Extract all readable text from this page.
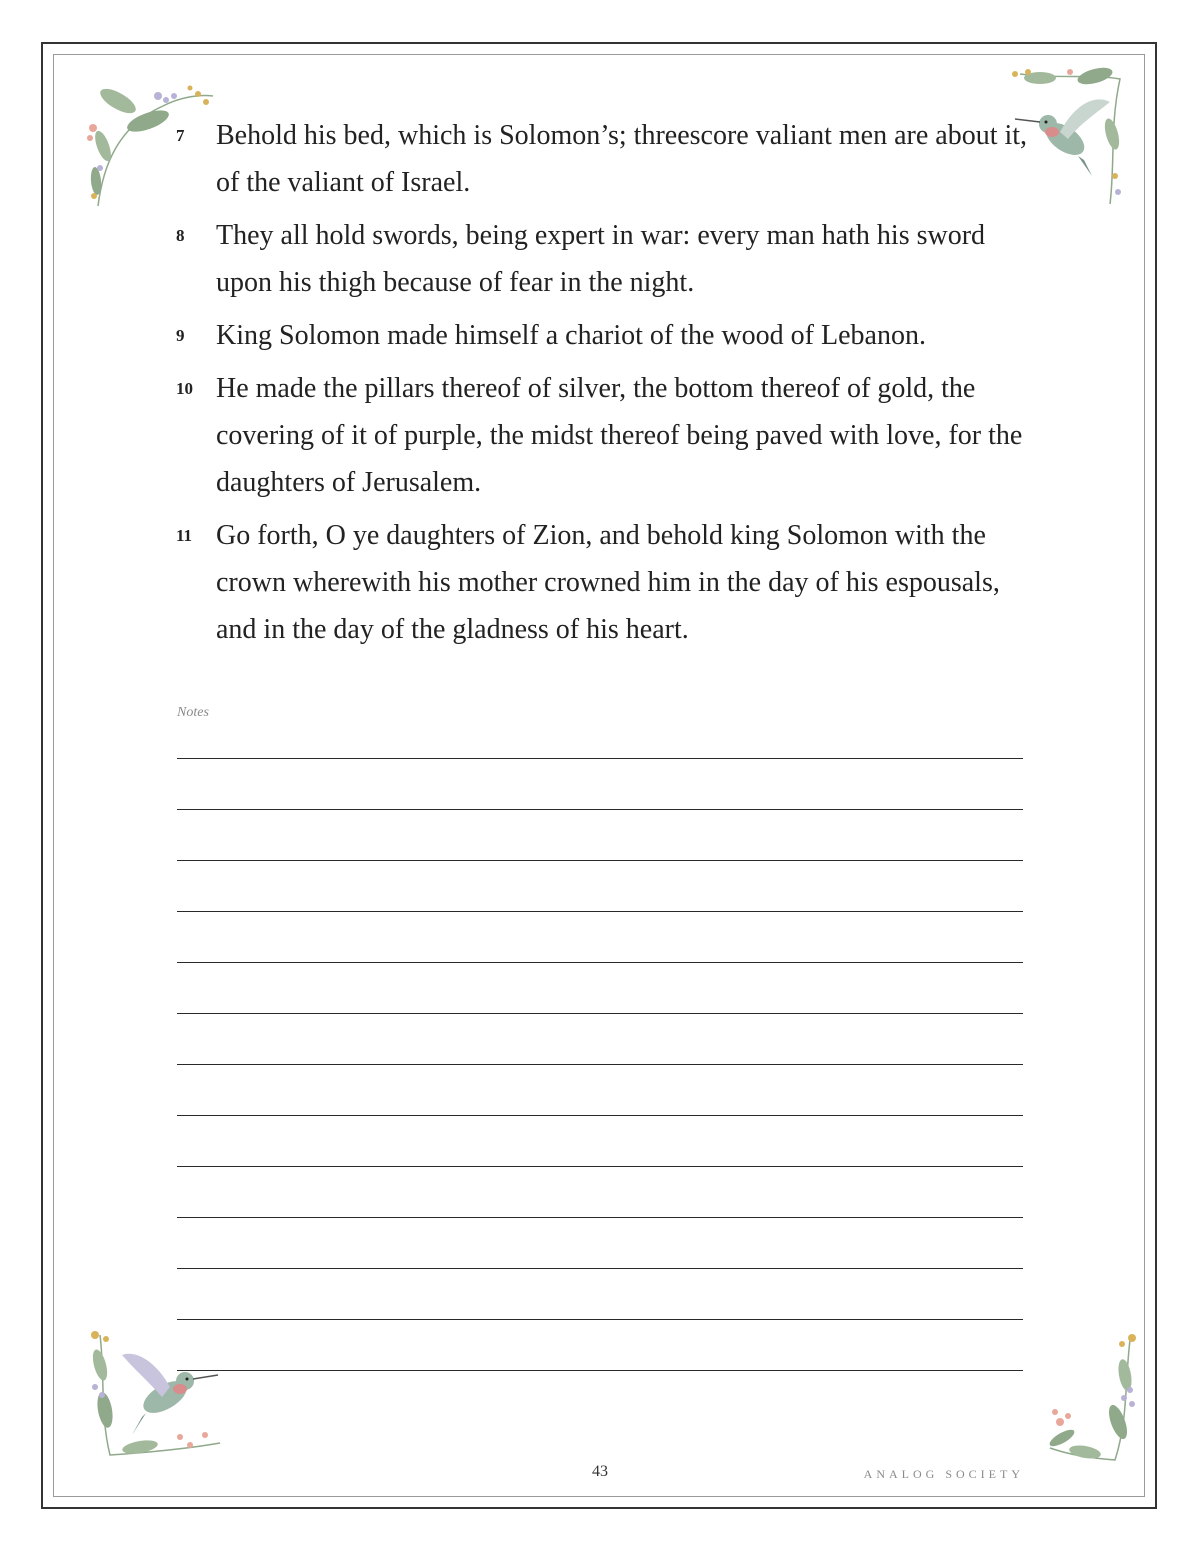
7 Behold his bed, which is Solomon’s; threescore valiant men are about it, of the valiant of Israel.
8 They all hold swords, being expert in war: every man hath his sword upon his thigh because of fear in the night.
9 King Solomon made himself a chariot of the wood of Lebanon.
10 He made the pillars thereof of silver, the bottom thereof of gold, the covering of it of purple, the midst thereof being paved with love, for the daughters of Jerusalem.
11 Go forth, O ye daughters of Zion, and behold king Solomon with the crown wherewith his mother crowned him in the day of his espousals, and in the day of the gladness of his heart.
Notes
43	ANALOG SOCIETY
